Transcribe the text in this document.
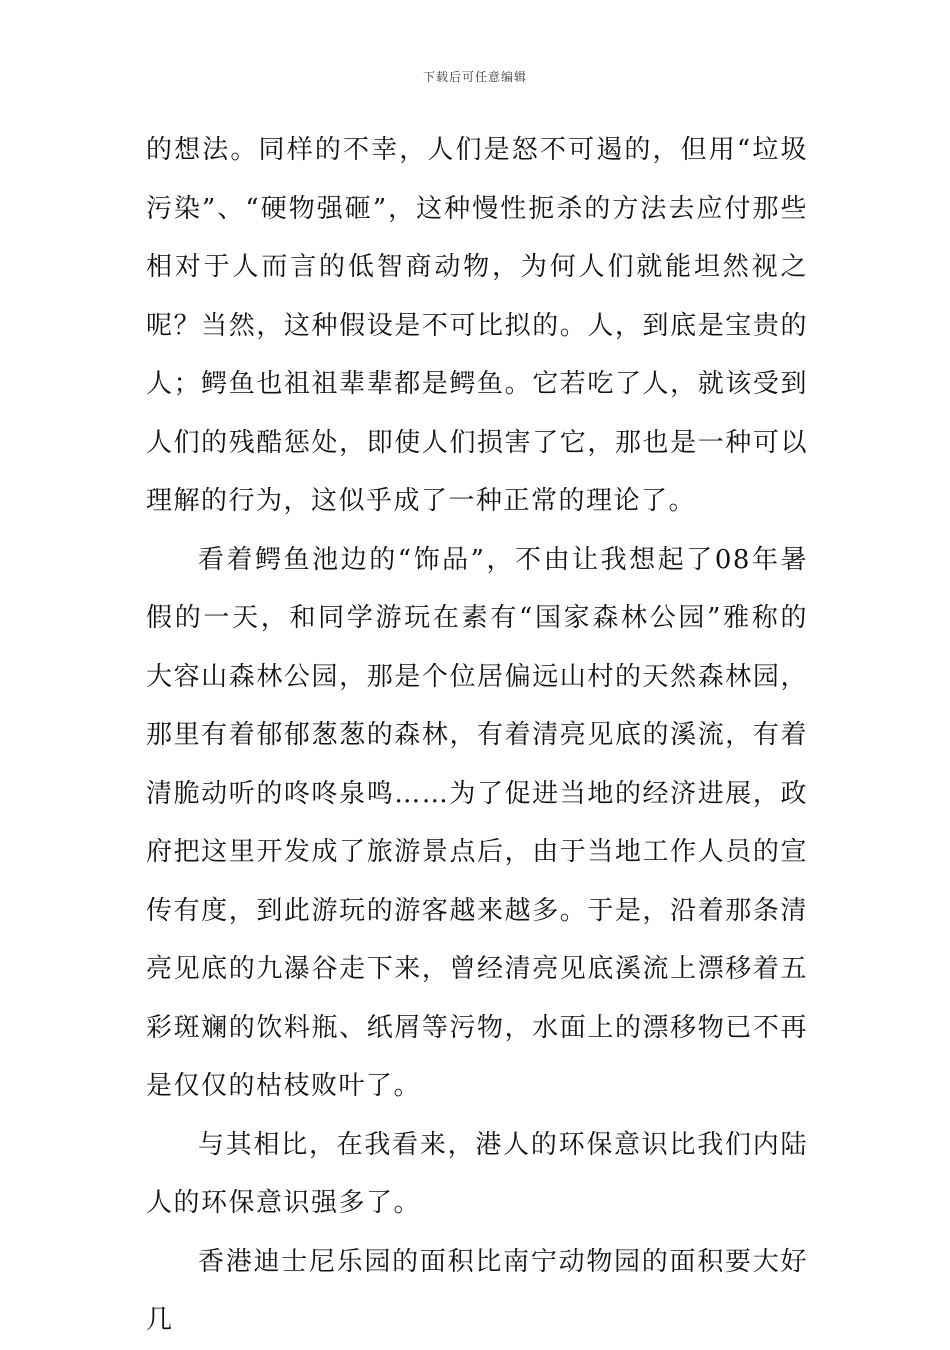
下载后可任意编辑

的想法。同样的不幸，人们是怒不可遏的，但用“垃圾污染”、“硬物强砸”，这种慢性扼杀的方法去应付那些相对于人而言的低智商动物，为何人们就能坦然视之呢？当然，这种假设是不可比拟的。人，到底是宝贵的人；鳄鱼也祖祖辈辈都是鳄鱼。它若吃了人，就该受到人们的残酷惩处，即使人们损害了它，那也是一种可以理解的行为，这似乎成了一种正常的理论了。

看着鳄鱼池边的“饰品”，不由让我想起了08年暑假的一天，和同学游玩在素有“国家森林公园”雅称的大容山森林公园，那是个位居偏远山村的天然森林园，那里有着郁郁葱葱的森林，有着清亮见底的溪流，有着清脆动听的咚咚泉鸣……为了促进当地的经济进展，政府把这里开发成了旅游景点后，由于当地工作人员的宣传有度，到此游玩的游客越来越多。于是，沿着那条清亮见底的九瀑谷走下来，曾经清亮见底溪流上漂移着五彩斑斓的饮料瓶、纸屑等污物，水面上的漂移物已不再是仅仅的枯枝败叶了。

与其相比，在我看来，港人的环保意识比我们内陆人的环保意识强多了。

香港迪士尼乐园的面积比南宁动物园的面积要大好几
